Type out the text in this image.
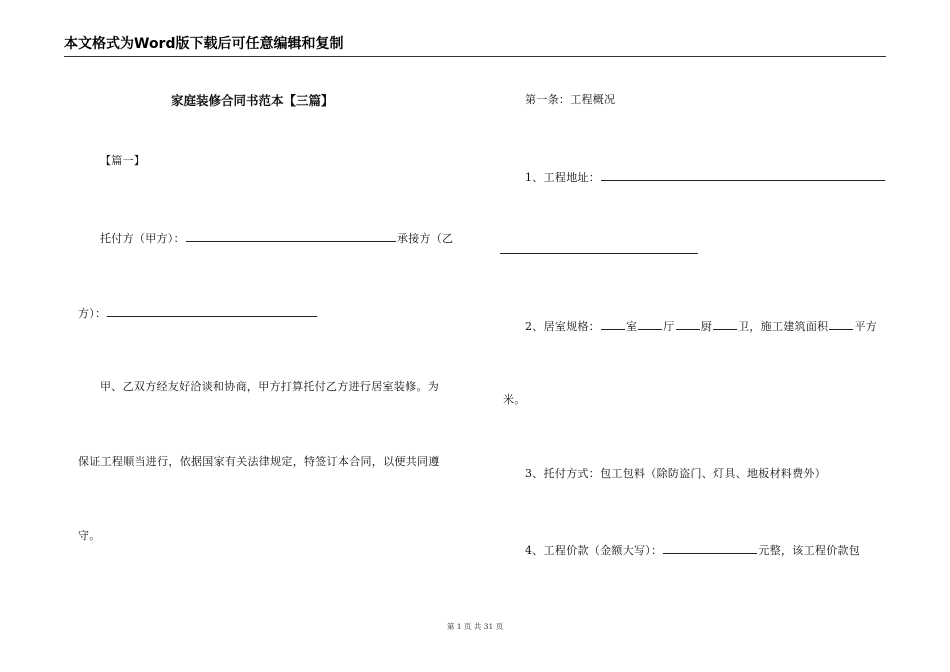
本文格式为Word版下载后可任意编辑和复制
家庭装修合同书范本【三篇】
【篇一】
托付方（甲方）：	承接方（乙
方）：
甲、乙双方经友好洽谈和协商，甲方打算托付乙方进行居室装修。为
保证工程顺当进行，依据国家有关法律规定，特签订本合同，以便共同遵
守。
第一条：工程概况
1、工程地址：
2、居室规格： 室 厅 厨 卫，施工建筑面积 平方
米。
3、托付方式：包工包料（除防盗门、灯具、地板材料费外）
4、工程价款（金额大写）：	元整，该工程价款包
第 1 页 共 31 页
